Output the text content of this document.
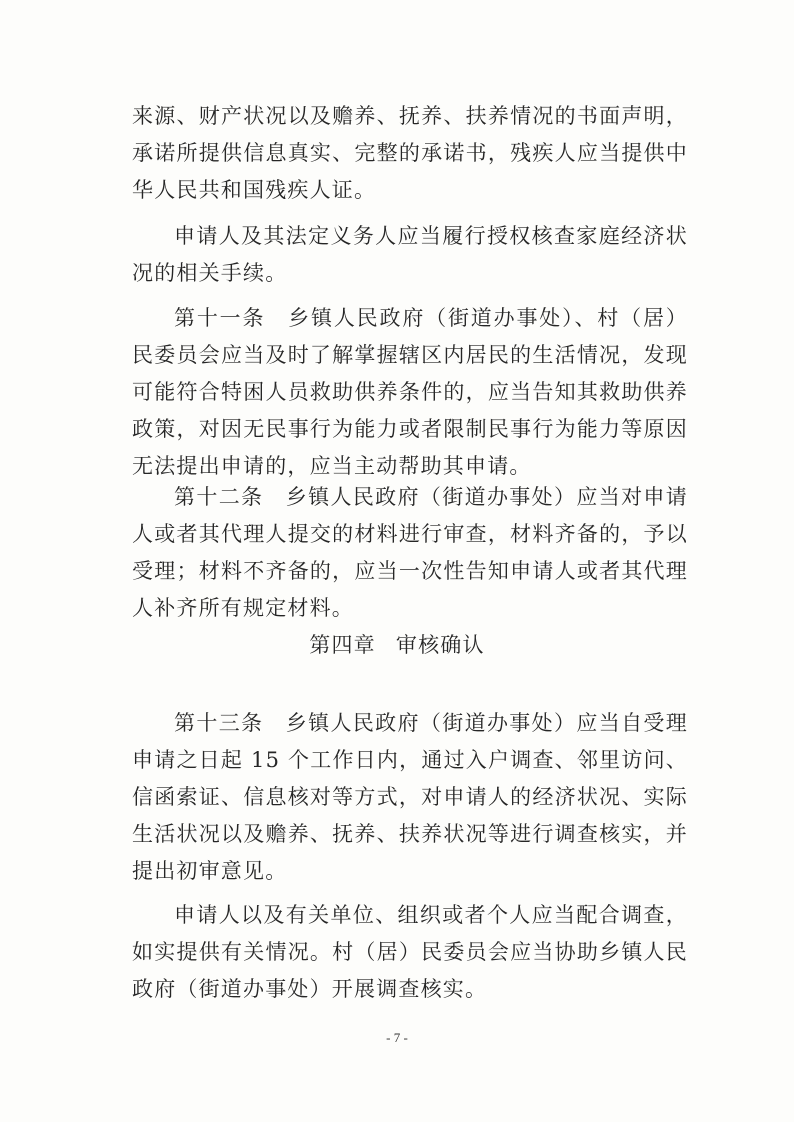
来源、财产状况以及赡养、抚养、扶养情况的书面声明，承诺所提供信息真实、完整的承诺书，残疾人应当提供中华人民共和国残疾人证。

申请人及其法定义务人应当履行授权核查家庭经济状况的相关手续。

第十一条　乡镇人民政府（街道办事处）、村（居）民委员会应当及时了解掌握辖区内居民的生活情况，发现可能符合特困人员救助供养条件的，应当告知其救助供养政策，对因无民事行为能力或者限制民事行为能力等原因无法提出申请的，应当主动帮助其申请。

第十二条　乡镇人民政府（街道办事处）应当对申请人或者其代理人提交的材料进行审查，材料齐备的，予以受理；材料不齐备的，应当一次性告知申请人或者其代理人补齐所有规定材料。

第四章 审核确认

第十三条　乡镇人民政府（街道办事处）应当自受理申请之日起 15 个工作日内，通过入户调查、邻里访问、信函索证、信息核对等方式，对申请人的经济状况、实际生活状况以及赡养、抚养、扶养状况等进行调查核实，并提出初审意见。

申请人以及有关单位、组织或者个人应当配合调查，如实提供有关情况。村（居）民委员会应当协助乡镇人民政府（街道办事处）开展调查核实。

- 7 -
